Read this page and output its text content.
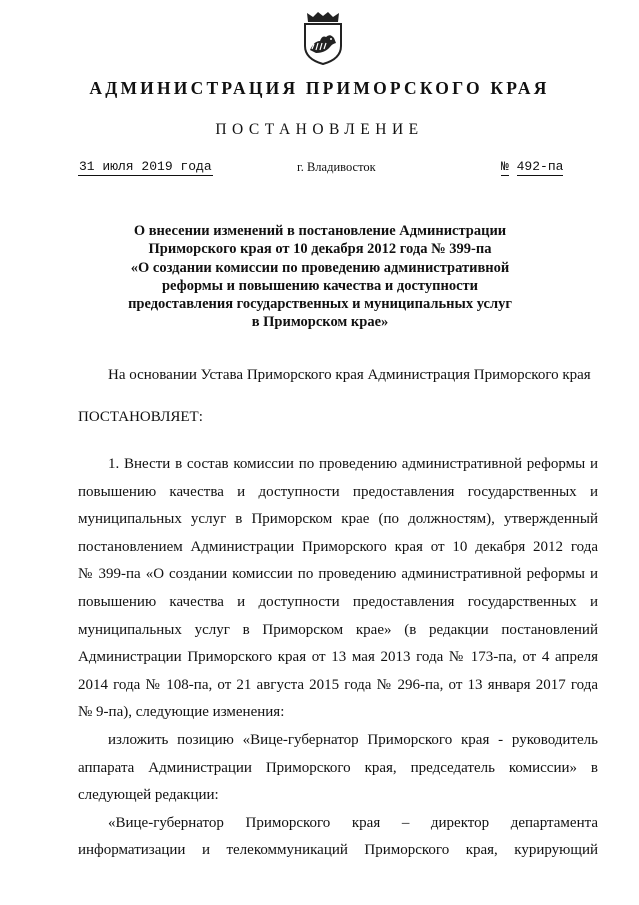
АДМИНИСТРАЦИЯ ПРИМОРСКОГО КРАЯ
ПОСТАНОВЛЕНИЕ
31 июля 2019 года	г. Владивосток	№ 492-па
О внесении изменений в постановление Администрации
Приморского края от 10 декабря 2012 года № 399-па
«О создании комиссии по проведению административной
реформы и повышению качества и доступности
предоставления государственных и муниципальных услуг
в Приморском крае»
На основании Устава Приморского края Администрация Приморского края
ПОСТАНОВЛЯЕТ:

1. Внести в состав комиссии по проведению административной реформы и

повышению качества и доступности предоставления государственных и

муниципальных услуг в Приморском крае (по должностям), утвержденный

постановлением Администрации Приморского края от 10 декабря 2012 года

№ 399-па «О создании комиссии по проведению административной реформы и

повышению качества и доступности предоставления государственных и

муниципальных услуг в Приморском крае» (в редакции постановлений

Администрации Приморского края от 13 мая 2013 года № 173-па, от 4 апреля

2014 года № 108-па, от 21 августа 2015 года № 296-па, от 13 января 2017 года

№ 9-па), следующие изменения:

изложить позицию «Вице-губернатор Приморского края - руководитель

аппарата Администрации Приморского края, председатель комиссии» в

следующей редакции:

«Вице-губернатор Приморского края – директор департамента

информатизации и телекоммуникаций Приморского края, курирующий
